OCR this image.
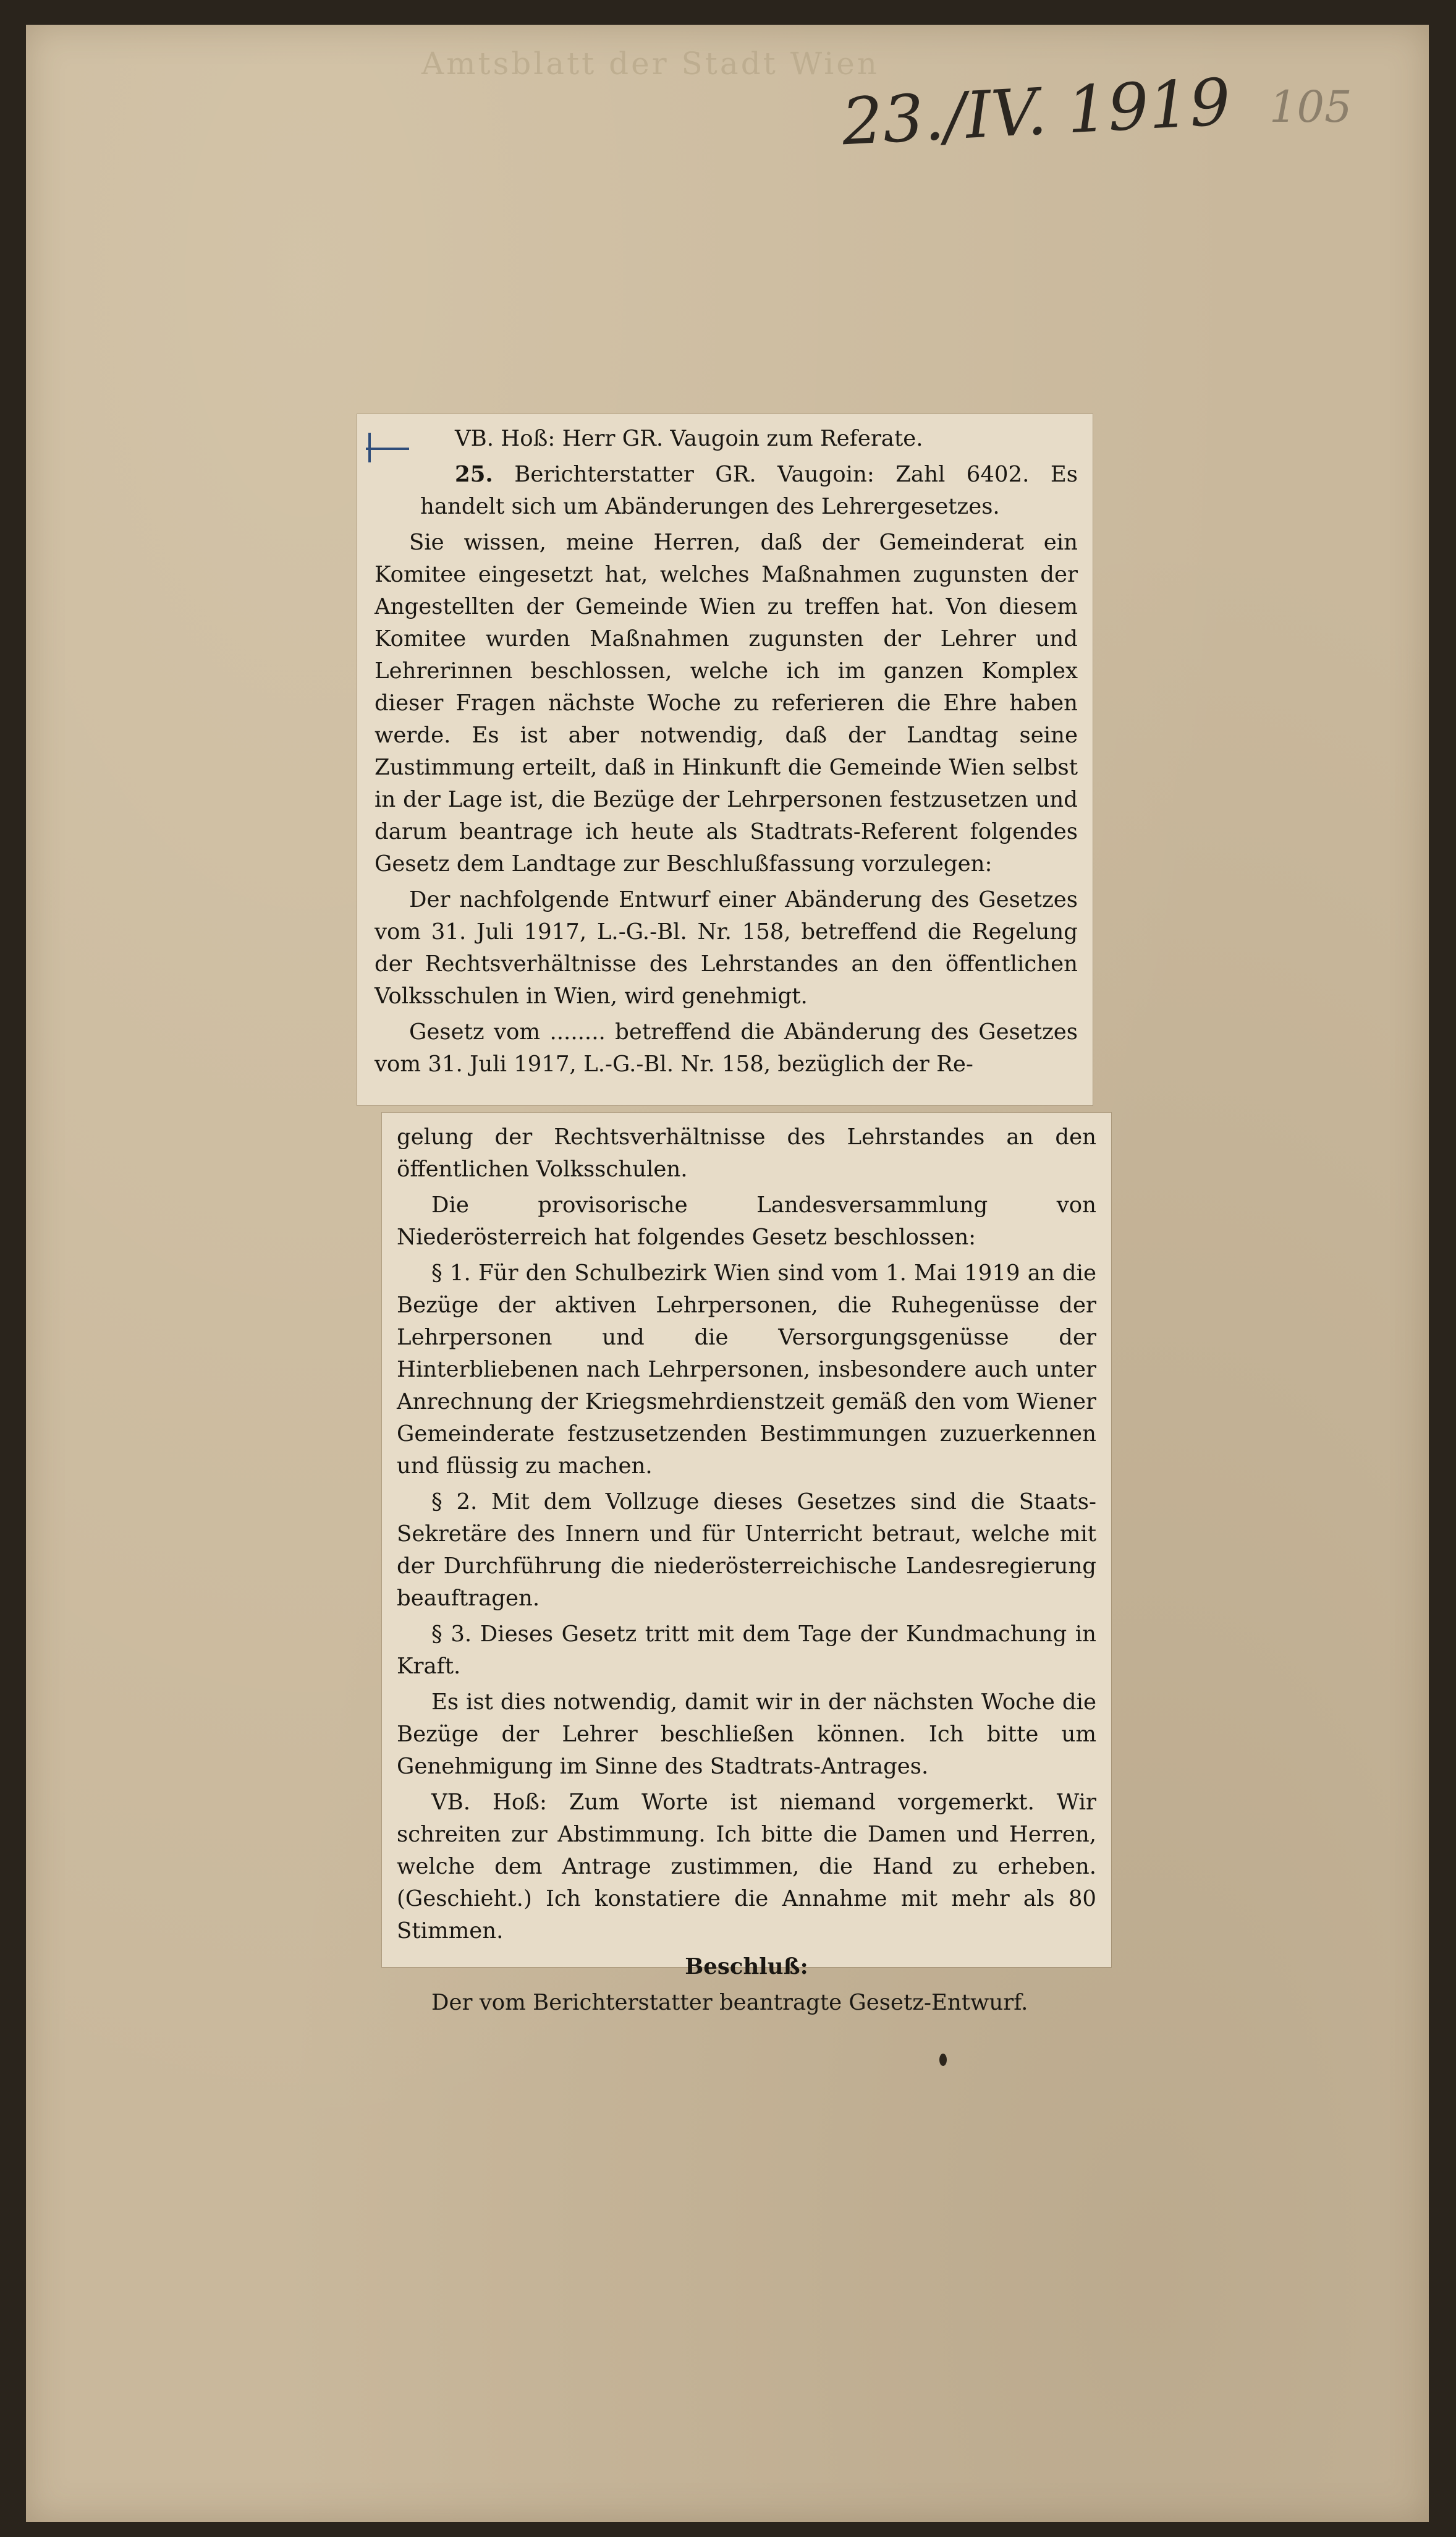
Amtsblatt der Stadt Wien
23./IV. 1919 105

VB. Hoß: Herr GR. Vaugoin zum Referate.

25. Berichterstatter GR. Vaugoin: Zahl 6402. Es handelt sich um Abänderungen des Lehrergesetzes.

Sie wissen, meine Herren, daß der Gemeinderat ein Komitee eingesetzt hat, welches Maßnahmen zugunsten der Angestellten der Gemeinde Wien zu treffen hat. Von diesem Komitee wurden Maßnahmen zugunsten der Lehrer und Lehrerinnen beschlossen, welche ich im ganzen Komplex dieser Fragen nächste Woche zu referieren die Ehre haben werde. Es ist aber notwendig, daß der Landtag seine Zustimmung erteilt, daß in Hinkunft die Gemeinde Wien selbst in der Lage ist, die Bezüge der Lehrpersonen festzusetzen und darum beantrage ich heute als Stadtrats-Referent folgendes Gesetz dem Landtage zur Beschlußfassung vorzulegen:

Der nachfolgende Entwurf einer Abänderung des Gesetzes vom 31. Juli 1917, L.-G.-Bl. Nr. 158, betreffend die Regelung der Rechtsverhältnisse des Lehrstandes an den öffentlichen Volksschulen in Wien, wird genehmigt.

Gesetz vom ........ betreffend die Abänderung des Gesetzes vom 31. Juli 1917, L.-G.-Bl. Nr. 158, bezüglich der Re-

gelung der Rechtsverhältnisse des Lehrstandes an den öffentlichen Volksschulen.

Die provisorische Landesversammlung von Niederösterreich hat folgendes Gesetz beschlossen:

§ 1. Für den Schulbezirk Wien sind vom 1. Mai 1919 an die Bezüge der aktiven Lehrpersonen, die Ruhegenüsse der Lehrpersonen und die Versorgungsgenüsse der Hinterbliebenen nach Lehrpersonen, insbesondere auch unter Anrechnung der Kriegsmehrdienstzeit gemäß den vom Wiener Gemeinderate festzusetzenden Bestimmungen zuzuerkennen und flüssig zu machen.

§ 2. Mit dem Vollzuge dieses Gesetzes sind die Staats-Sekretäre des Innern und für Unterricht betraut, welche mit der Durchführung die niederösterreichische Landesregierung beauftragen.

§ 3. Dieses Gesetz tritt mit dem Tage der Kundmachung in Kraft.

Es ist dies notwendig, damit wir in der nächsten Woche die Bezüge der Lehrer beschließen können. Ich bitte um Genehmigung im Sinne des Stadtrats-Antrages.

VB. Hoß: Zum Worte ist niemand vorgemerkt. Wir schreiten zur Abstimmung. Ich bitte die Damen und Herren, welche dem Antrage zustimmen, die Hand zu erheben. (Geschieht.) Ich konstatiere die Annahme mit mehr als 80 Stimmen.

Beschluß:

Der vom Berichterstatter beantragte Gesetz-Entwurf.
